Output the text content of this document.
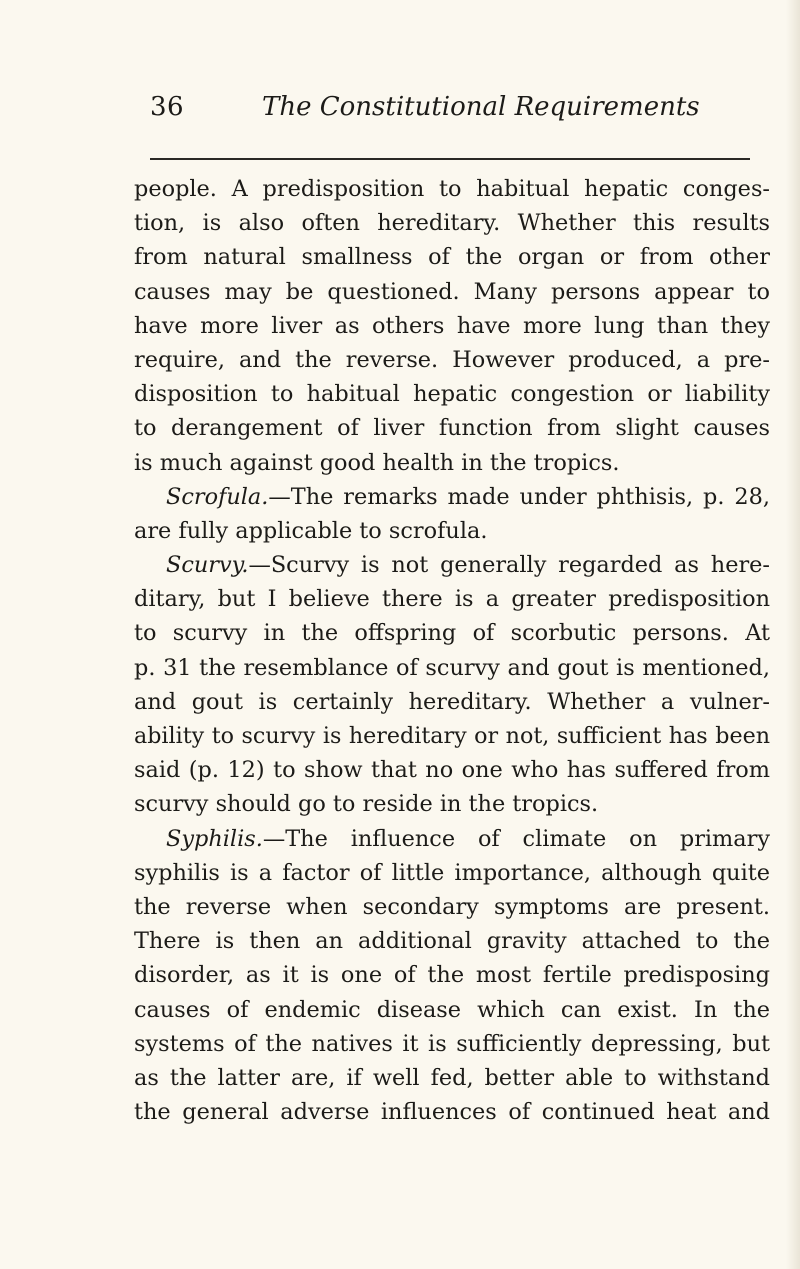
36	The Constitutional Requirements
people. A predisposition to habitual hepatic conges-
tion, is also often hereditary. Whether this results
from natural smallness of the organ or from other
causes may be questioned. Many persons appear to
have more liver as others have more lung than they
require, and the reverse. However produced, a pre-
disposition to habitual hepatic congestion or liability
to derangement of liver function from slight causes
is much against good health in the tropics.
Scrofula.—The remarks made under phthisis, p. 28,
are fully applicable to scrofula.
Scurvy.—Scurvy is not generally regarded as here-
ditary, but I believe there is a greater predisposition
to scurvy in the offspring of scorbutic persons. At
p. 31 the resemblance of scurvy and gout is mentioned,
and gout is certainly hereditary. Whether a vulner-
ability to scurvy is hereditary or not, sufficient has been
said (p. 12) to show that no one who has suffered from
scurvy should go to reside in the tropics.
Syphilis.—The influence of climate on primary
syphilis is a factor of little importance, although quite
the reverse when secondary symptoms are present.
There is then an additional gravity attached to the
disorder, as it is one of the most fertile predisposing
causes of endemic disease which can exist. In the
systems of the natives it is sufficiently depressing, but
as the latter are, if well fed, better able to withstand
the general adverse influences of continued heat and
